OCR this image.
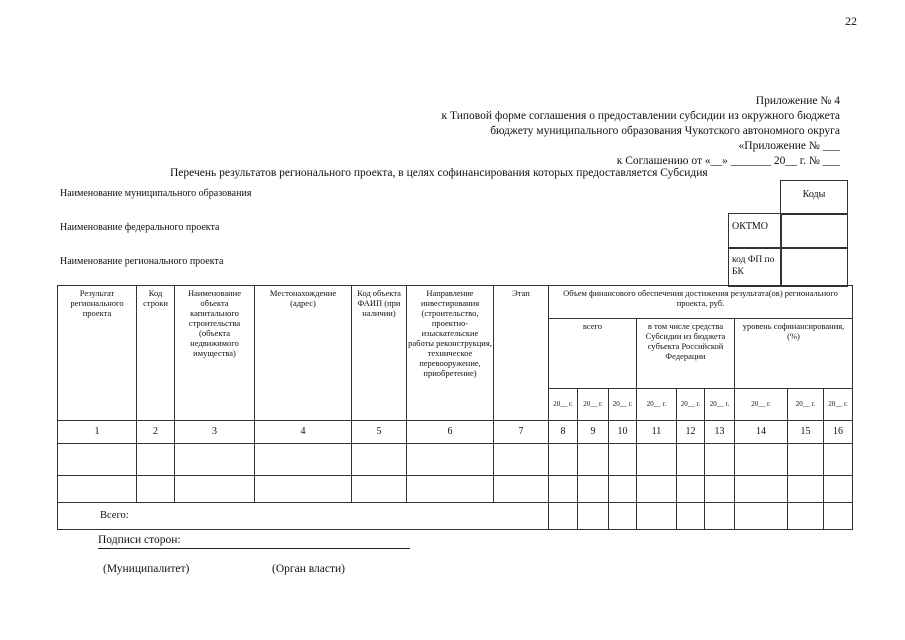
22
Приложение № 4
к Типовой форме соглашения о предоставлении субсидии из окружного бюджета
бюджету муниципального образования Чукотского автономного округа
«Приложение № ___
к Соглашению от «__» _______ 20__ г. № ___
Перечень результатов регионального проекта, в целях софинансирования которых предоставляется Субсидия
Наименование муниципального образования
Наименование федерального проекта
Наименование регионального проекта
Коды
ОКТМО
код ФП по БК
Результат регионального проекта	Код строки	Наименование объекта капитального строительства (объекта недвижимого имущества)	Местонахождение (адрес)	Код объекта ФАИП (при наличии)	Направление инвестирования (строительство, проектно-изыскательские работы реконструкция, техническое перевооружение, приобретение)	Этап	Объем финансового обеспечения достижения результата(ов) регионального проекта, руб.								
							всего			в том числе средства Субсидии из бюджета субъекта Российской Федерации			уровень софинансирования, (%)		
							20__ г.	20__ г.	20__ г.	20__ г.	20__ г.	20__ г.	20__ г.	20__ г.	20__ г.
1	2	3	4	5	6	7	8	9	10	11	12	13	14	15	16

Всего:															
Подписи сторон:
(Муниципалитет)	(Орган власти)
